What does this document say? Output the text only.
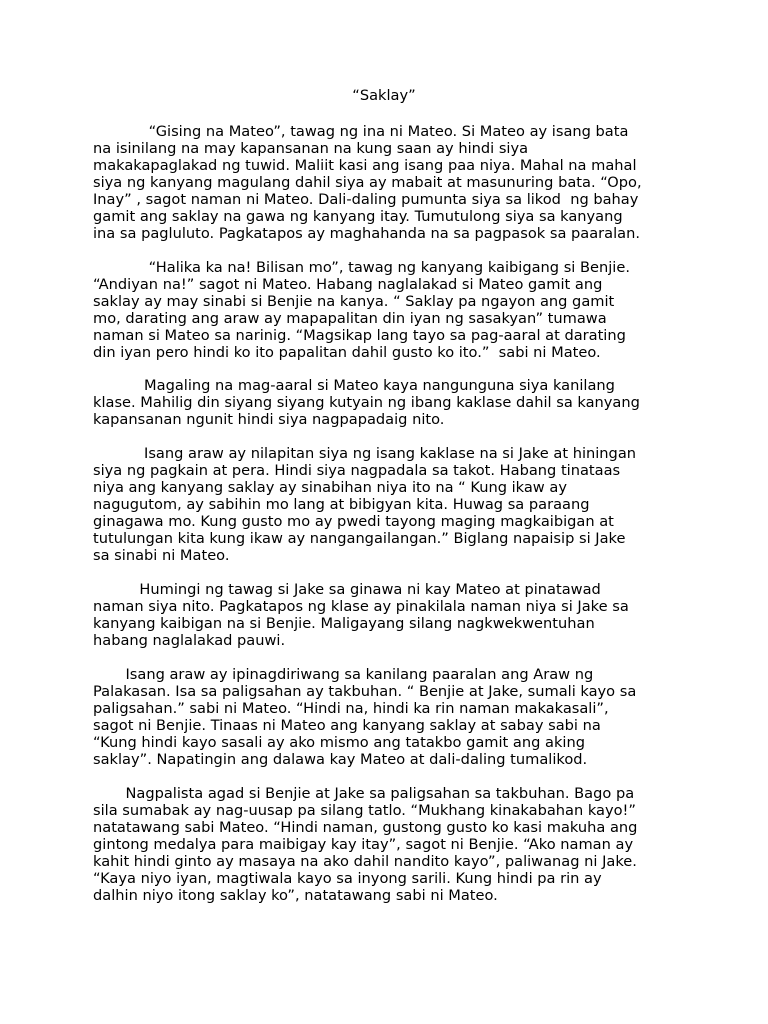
“Saklay”
“Gising na Mateo”, tawag ng ina ni Mateo. Si Mateo ay isang bata
na isinilang na may kapansanan na kung saan ay hindi siya
makakapaglakad ng tuwid. Maliit kasi ang isang paa niya. Mahal na mahal
siya ng kanyang magulang dahil siya ay mabait at masunuring bata. “Opo,
Inay” , sagot naman ni Mateo. Dali-daling pumunta siya sa likod  ng bahay
gamit ang saklay na gawa ng kanyang itay. Tumutulong siya sa kanyang
ina sa pagluluto. Pagkatapos ay maghahanda na sa pagpasok sa paaralan.
“Halika ka na! Bilisan mo”, tawag ng kanyang kaibigang si Benjie.
“Andiyan na!” sagot ni Mateo. Habang naglalakad si Mateo gamit ang
saklay ay may sinabi si Benjie na kanya. “ Saklay pa ngayon ang gamit
mo, darating ang araw ay mapapalitan din iyan ng sasakyan” tumawa
naman si Mateo sa narinig. “Magsikap lang tayo sa pag-aaral at darating
din iyan pero hindi ko ito papalitan dahil gusto ko ito.”  sabi ni Mateo.
Magaling na mag-aaral si Mateo kaya nangunguna siya kanilang
klase. Mahilig din siyang siyang kutyain ng ibang kaklase dahil sa kanyang
kapansanan ngunit hindi siya nagpapadaig nito.
Isang araw ay nilapitan siya ng isang kaklase na si Jake at hiningan
siya ng pagkain at pera. Hindi siya nagpadala sa takot. Habang tinataas
niya ang kanyang saklay ay sinabihan niya ito na “ Kung ikaw ay
nagugutom, ay sabihin mo lang at bibigyan kita. Huwag sa paraang
ginagawa mo. Kung gusto mo ay pwedi tayong maging magkaibigan at
tutulungan kita kung ikaw ay nangangailangan.” Biglang napaisip si Jake
sa sinabi ni Mateo.
Humingi ng tawag si Jake sa ginawa ni kay Mateo at pinatawad
naman siya nito. Pagkatapos ng klase ay pinakilala naman niya si Jake sa
kanyang kaibigan na si Benjie. Maligayang silang nagkwekwentuhan
habang naglalakad pauwi.
Isang araw ay ipinagdiriwang sa kanilang paaralan ang Araw ng
Palakasan. Isa sa paligsahan ay takbuhan. “ Benjie at Jake, sumali kayo sa
paligsahan.” sabi ni Mateo. “Hindi na, hindi ka rin naman makakasali”,
sagot ni Benjie. Tinaas ni Mateo ang kanyang saklay at sabay sabi na
“Kung hindi kayo sasali ay ako mismo ang tatakbo gamit ang aking
saklay”. Napatingin ang dalawa kay Mateo at dali-daling tumalikod.
Nagpalista agad si Benjie at Jake sa paligsahan sa takbuhan. Bago pa
sila sumabak ay nag-uusap pa silang tatlo. “Mukhang kinakabahan kayo!”
natatawang sabi Mateo. “Hindi naman, gustong gusto ko kasi makuha ang
gintong medalya para maibigay kay itay”, sagot ni Benjie. “Ako naman ay
kahit hindi ginto ay masaya na ako dahil nandito kayo”, paliwanag ni Jake.
“Kaya niyo iyan, magtiwala kayo sa inyong sarili. Kung hindi pa rin ay
dalhin niyo itong saklay ko”, natatawang sabi ni Mateo.
